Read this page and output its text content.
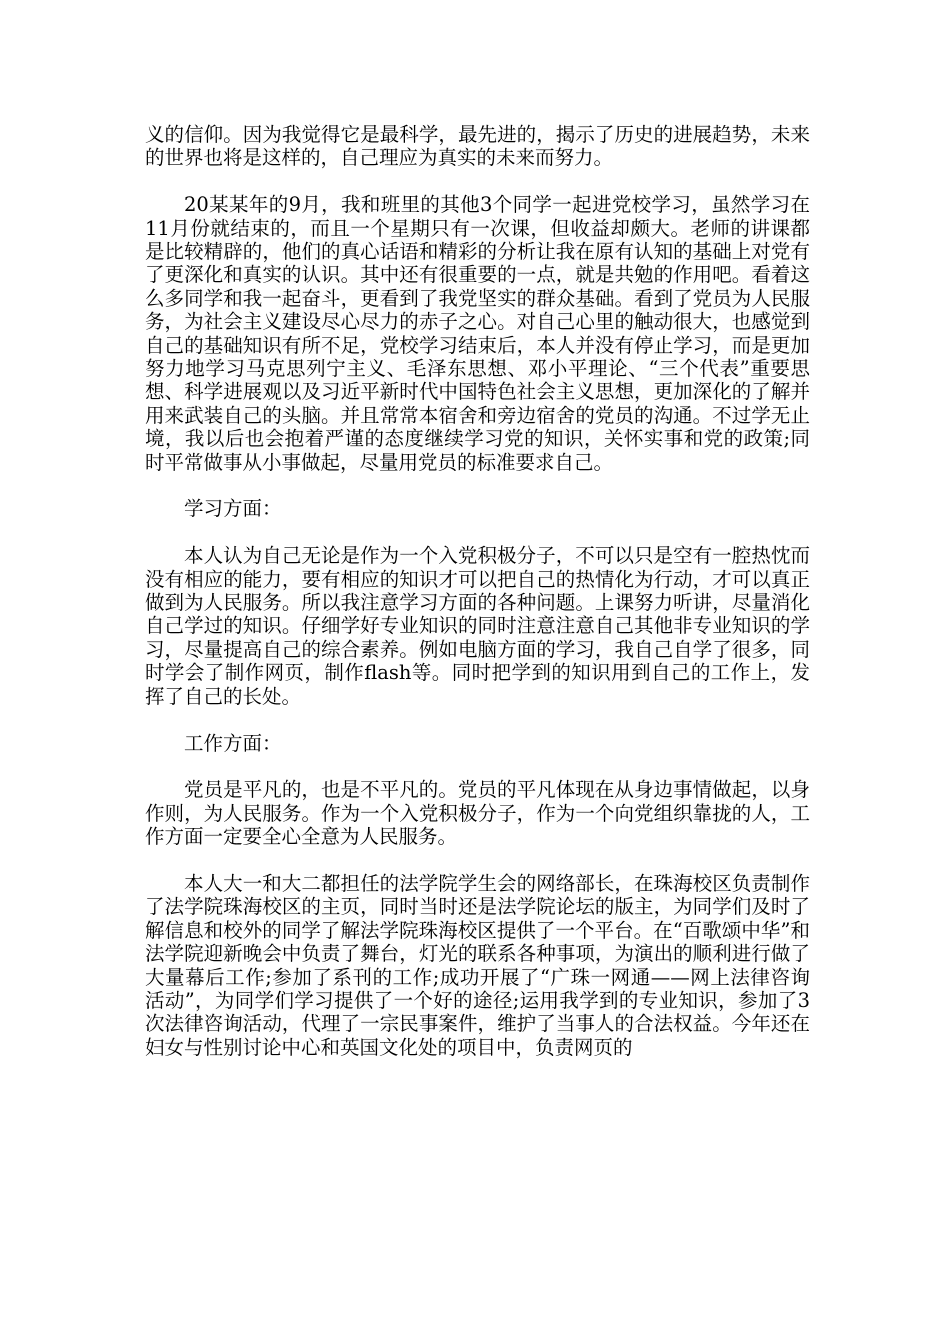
义的信仰。因为我觉得它是最科学，最先进的，揭示了历史的进展趋势，未来的世界也将是这样的，自己理应为真实的未来而努力。

20某某年的9月，我和班里的其他3个同学一起进党校学习，虽然学习在11月份就结束的，而且一个星期只有一次课，但收益却颇大。老师的讲课都是比较精辟的，他们的真心话语和精彩的分析让我在原有认知的基础上对党有了更深化和真实的认识。其中还有很重要的一点，就是共勉的作用吧。看着这么多同学和我一起奋斗，更看到了我党坚实的群众基础。看到了党员为人民服务，为社会主义建设尽心尽力的赤子之心。对自己心里的触动很大，也感觉到自己的基础知识有所不足，党校学习结束后，本人并没有停止学习，而是更加努力地学习马克思列宁主义、毛泽东思想、邓小平理论、“三个代表”重要思想、科学进展观以及习近平新时代中国特色社会主义思想，更加深化的了解并用来武装自己的头脑。并且常常本宿舍和旁边宿舍的党员的沟通。不过学无止境，我以后也会抱着严谨的态度继续学习党的知识，关怀实事和党的政策;同时平常做事从小事做起，尽量用党员的标准要求自己。

学习方面：

本人认为自己无论是作为一个入党积极分子，不可以只是空有一腔热忱而没有相应的能力，要有相应的知识才可以把自己的热情化为行动，才可以真正做到为人民服务。所以我注意学习方面的各种问题。上课努力听讲，尽量消化自己学过的知识。仔细学好专业知识的同时注意注意自己其他非专业知识的学习，尽量提高自己的综合素养。例如电脑方面的学习，我自己自学了很多，同时学会了制作网页，制作flash等。同时把学到的知识用到自己的工作上，发挥了自己的长处。

工作方面：

党员是平凡的，也是不平凡的。党员的平凡体现在从身边事情做起，以身作则，为人民服务。作为一个入党积极分子，作为一个向党组织靠拢的人，工作方面一定要全心全意为人民服务。

本人大一和大二都担任的法学院学生会的网络部长，在珠海校区负责制作了法学院珠海校区的主页，同时当时还是法学院论坛的版主，为同学们及时了解信息和校外的同学了解法学院珠海校区提供了一个平台。在“百歌颂中华”和法学院迎新晚会中负责了舞台，灯光的联系各种事项，为演出的顺利进行做了大量幕后工作;参加了系刊的工作;成功开展了“广珠一网通——网上法律咨询活动”，为同学们学习提供了一个好的途径;运用我学到的专业知识，参加了3次法律咨询活动，代理了一宗民事案件，维护了当事人的合法权益。今年还在妇女与性别讨论中心和英国文化处的项目中，负责网页的
